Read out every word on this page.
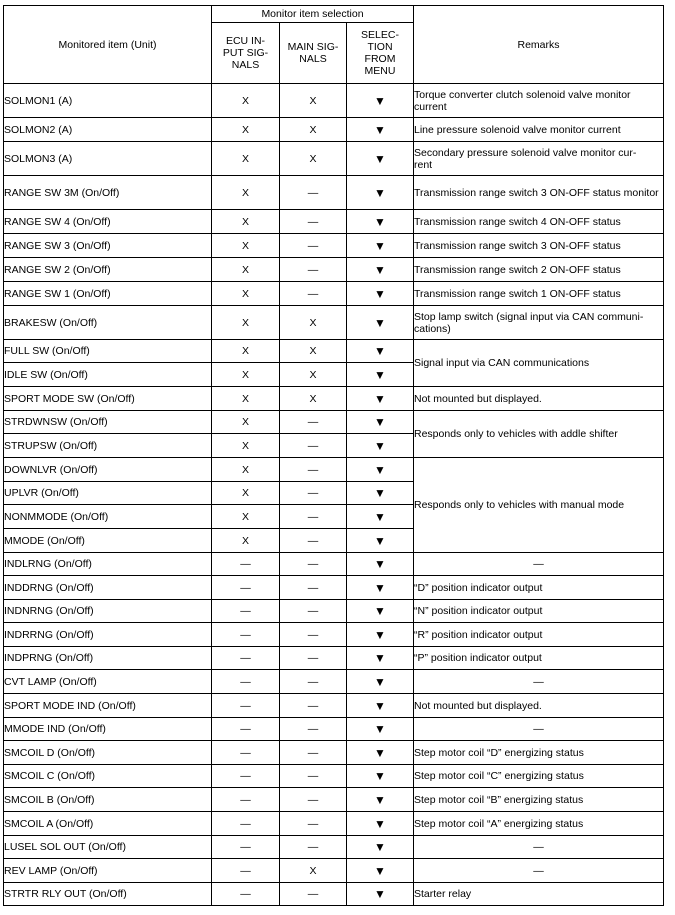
Monitored item (Unit)	Monitor item selection			Remarks
	ECU IN-
PUT SIG-
NALS	MAIN SIG-
NALS	SELEC-
TION
FROM
MENU	
SOLMON1 (A)	X	X	▼	Torque converter clutch solenoid valve monitor current
SOLMON2 (A)	X	X	▼	Line pressure solenoid valve monitor current
SOLMON3 (A)	X	X	▼	Secondary pressure solenoid valve monitor cur-
rent
RANGE SW 3M (On/Off)	X	—	▼	Transmission range switch 3 ON-OFF status monitor
RANGE SW 4 (On/Off)	X	—	▼	Transmission range switch 4 ON-OFF status
RANGE SW 3 (On/Off)	X	—	▼	Transmission range switch 3 ON-OFF status
RANGE SW 2 (On/Off)	X	—	▼	Transmission range switch 2 ON-OFF status
RANGE SW 1 (On/Off)	X	—	▼	Transmission range switch 1 ON-OFF status
BRAKESW (On/Off)	X	X	▼	Stop lamp switch (signal input via CAN communi-
cations)
FULL SW (On/Off)	X	X	▼	Signal input via CAN communications
IDLE SW (On/Off)	X	X	▼	
SPORT MODE SW (On/Off)	X	X	▼	Not mounted but displayed.
STRDWNSW (On/Off)	X	—	▼	Responds only to vehicles with addle shifter
STRUPSW (On/Off)	X	—	▼	
DOWNLVR (On/Off)	X	—	▼	Responds only to vehicles with manual mode
UPLVR (On/Off)	X	—	▼	
NONMMODE (On/Off)	X	—	▼	
MMODE (On/Off)	X	—	▼	
INDLRNG (On/Off)	—	—	▼	—
INDDRNG (On/Off)	—	—	▼	“D” position indicator output
INDNRNG (On/Off)	—	—	▼	“N” position indicator output
INDRRNG (On/Off)	—	—	▼	“R” position indicator output
INDPRNG (On/Off)	—	—	▼	“P” position indicator output
CVT LAMP (On/Off)	—	—	▼	—
SPORT MODE IND (On/Off)	—	—	▼	Not mounted but displayed.
MMODE IND (On/Off)	—	—	▼	—
SMCOIL D (On/Off)	—	—	▼	Step motor coil “D” energizing status
SMCOIL C (On/Off)	—	—	▼	Step motor coil “C” energizing status
SMCOIL B (On/Off)	—	—	▼	Step motor coil “B” energizing status
SMCOIL A (On/Off)	—	—	▼	Step motor coil “A” energizing status
LUSEL SOL OUT (On/Off)	—	—	▼	—
REV LAMP (On/Off)	—	X	▼	—
STRTR RLY OUT (On/Off)	—	—	▼	Starter relay
